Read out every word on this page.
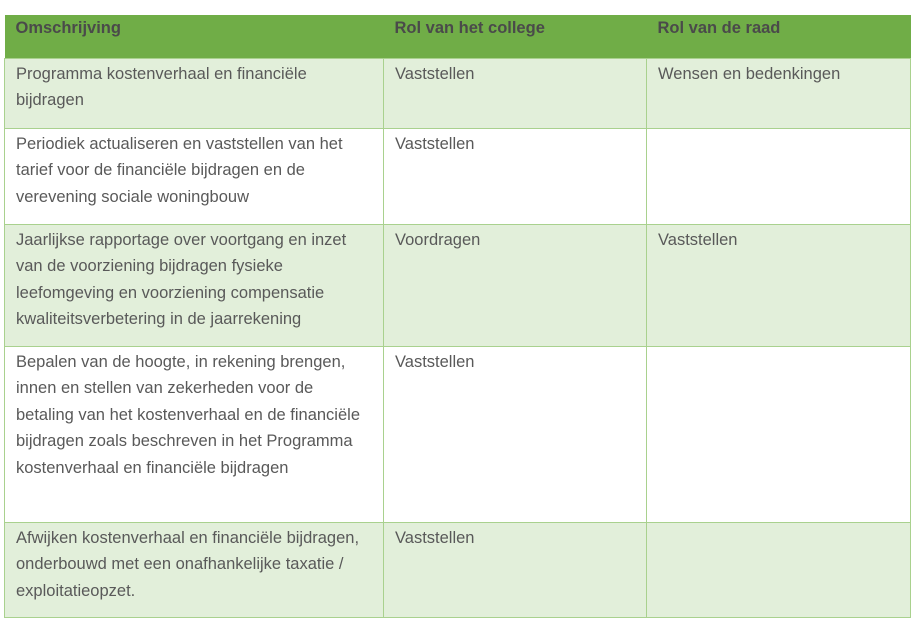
Omschrijving	Rol van het college	Rol van de raad
Programma kostenverhaal en financiële bijdragen	Vaststellen	Wensen en bedenkingen
Periodiek actualiseren en vaststellen van het tarief voor de financiële bijdragen en de verevening sociale woningbouw	Vaststellen	
Jaarlijkse rapportage over voortgang en inzet van de voorziening bijdragen fysieke leefomgeving en voorziening compensatie kwaliteitsverbetering in de jaarrekening	Voordragen	Vaststellen
Bepalen van de hoogte, in rekening brengen, innen en stellen van zekerheden voor de betaling van het kostenverhaal en de financiële bijdragen zoals beschreven in het Programma kostenverhaal en financiële bijdragen	Vaststellen	
Afwijken kostenverhaal en financiële bijdragen, onderbouwd met een onafhankelijke taxatie / exploitatieopzet.	Vaststellen	
